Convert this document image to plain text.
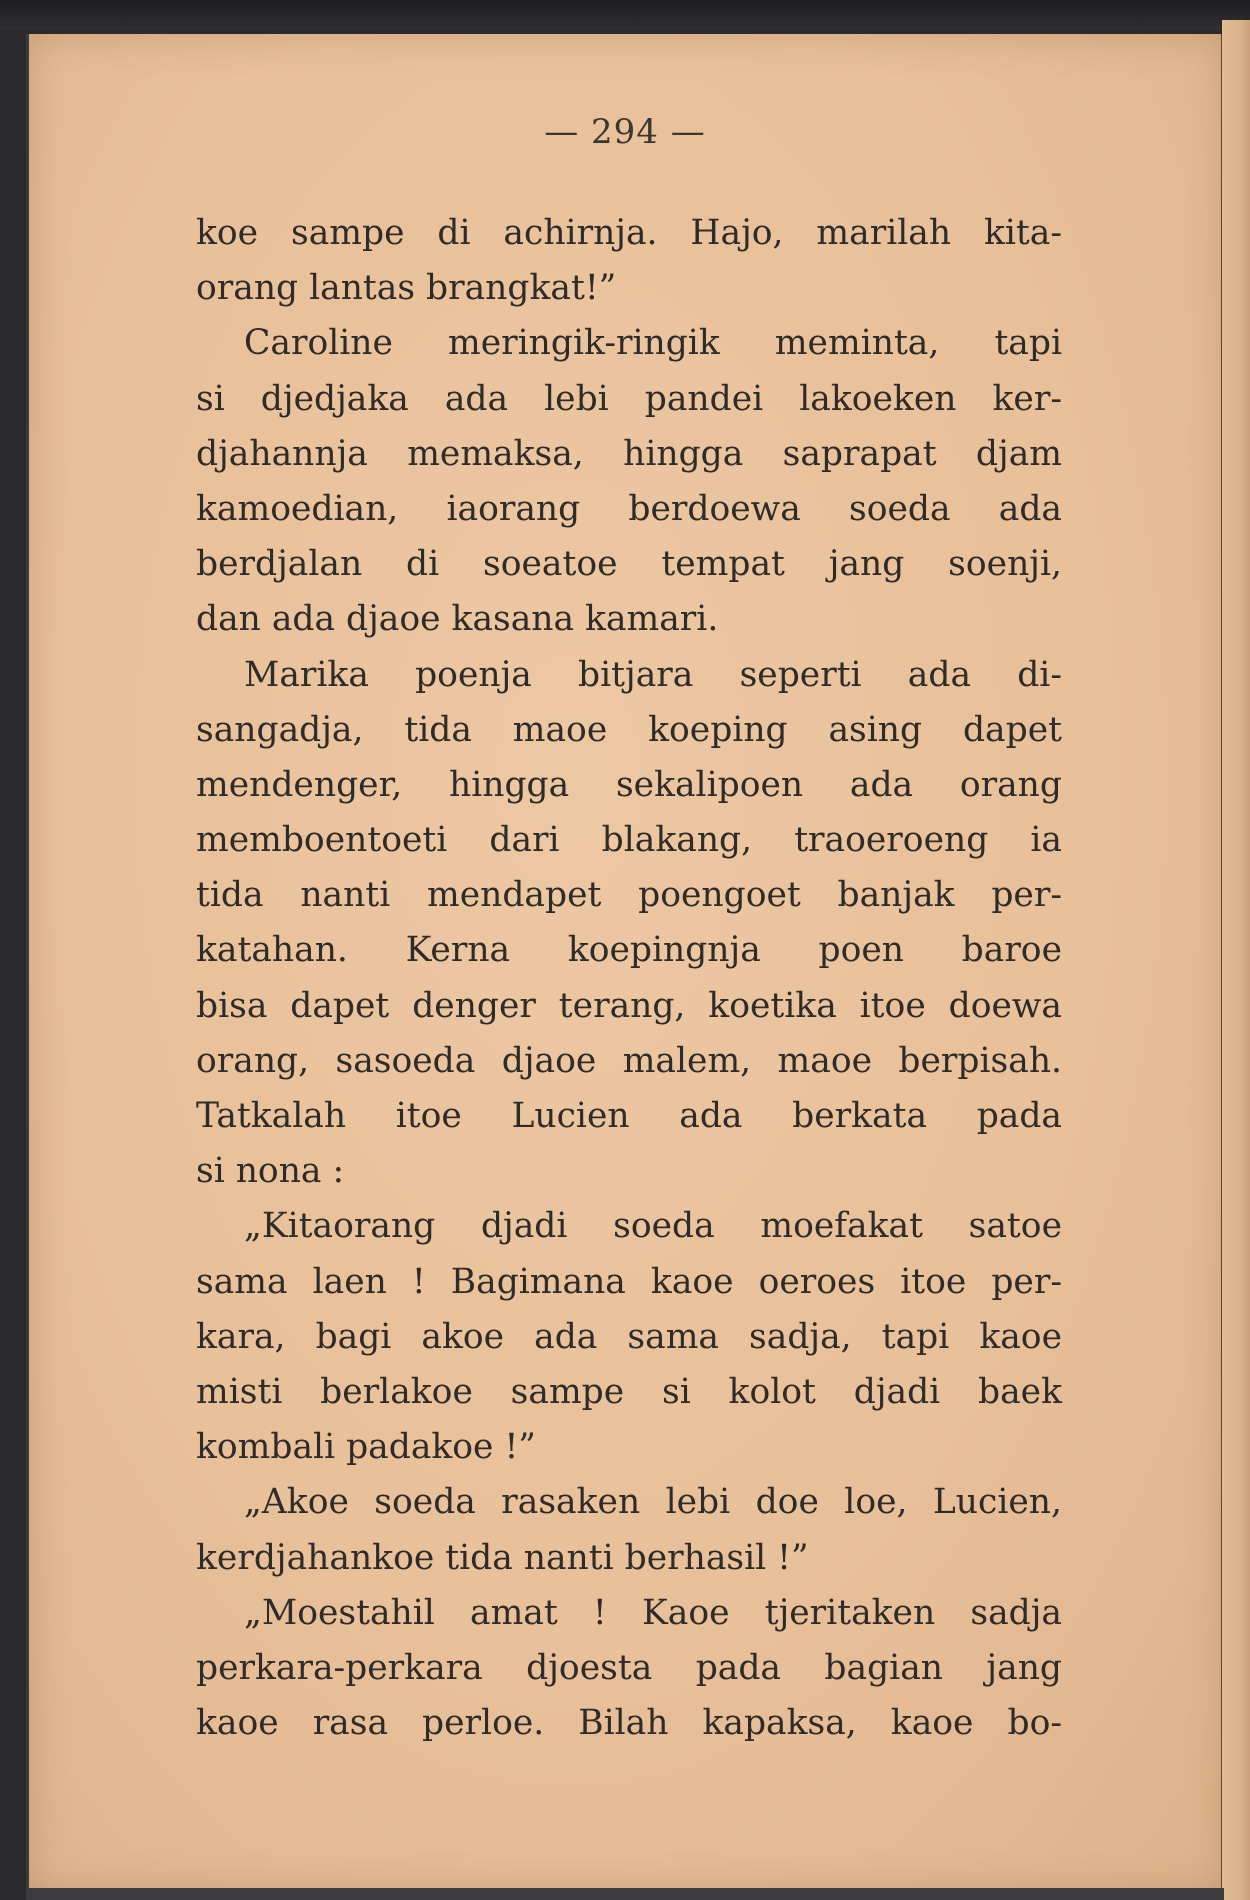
— 294 —
koe sampe di achirnja. Hajo, marilah kita-
orang lantas brangkat!”
Caroline meringik-ringik meminta, tapi
si djedjaka ada lebi pandei lakoeken ker-
djahannja memaksa, hingga saprapat djam
kamoedian, iaorang berdoewa soeda ada
berdjalan di soeatoe tempat jang soenji,
dan ada djaoe kasana kamari.
Marika poenja bitjara seperti ada di-
sangadja, tida maoe koeping asing dapet
mendenger, hingga sekalipoen ada orang
memboentoeti dari blakang, traoeroeng ia
tida nanti mendapet poengoet banjak per-
katahan. Kerna koepingnja poen baroe
bisa dapet denger terang, koetika itoe doewa
orang, sasoeda djaoe malem, maoe berpisah.
Tatkalah itoe Lucien ada berkata pada
si nona :
„Kitaorang djadi soeda moefakat satoe
sama laen ! Bagimana kaoe oeroes itoe per-
kara, bagi akoe ada sama sadja, tapi kaoe
misti berlakoe sampe si kolot djadi baek
kombali padakoe !”
„Akoe soeda rasaken lebi doe loe, Lucien,
kerdjahankoe tida nanti berhasil !”
„Moestahil amat ! Kaoe tjeritaken sadja
perkara-perkara djoesta pada bagian jang
kaoe rasa perloe. Bilah kapaksa, kaoe bo-
